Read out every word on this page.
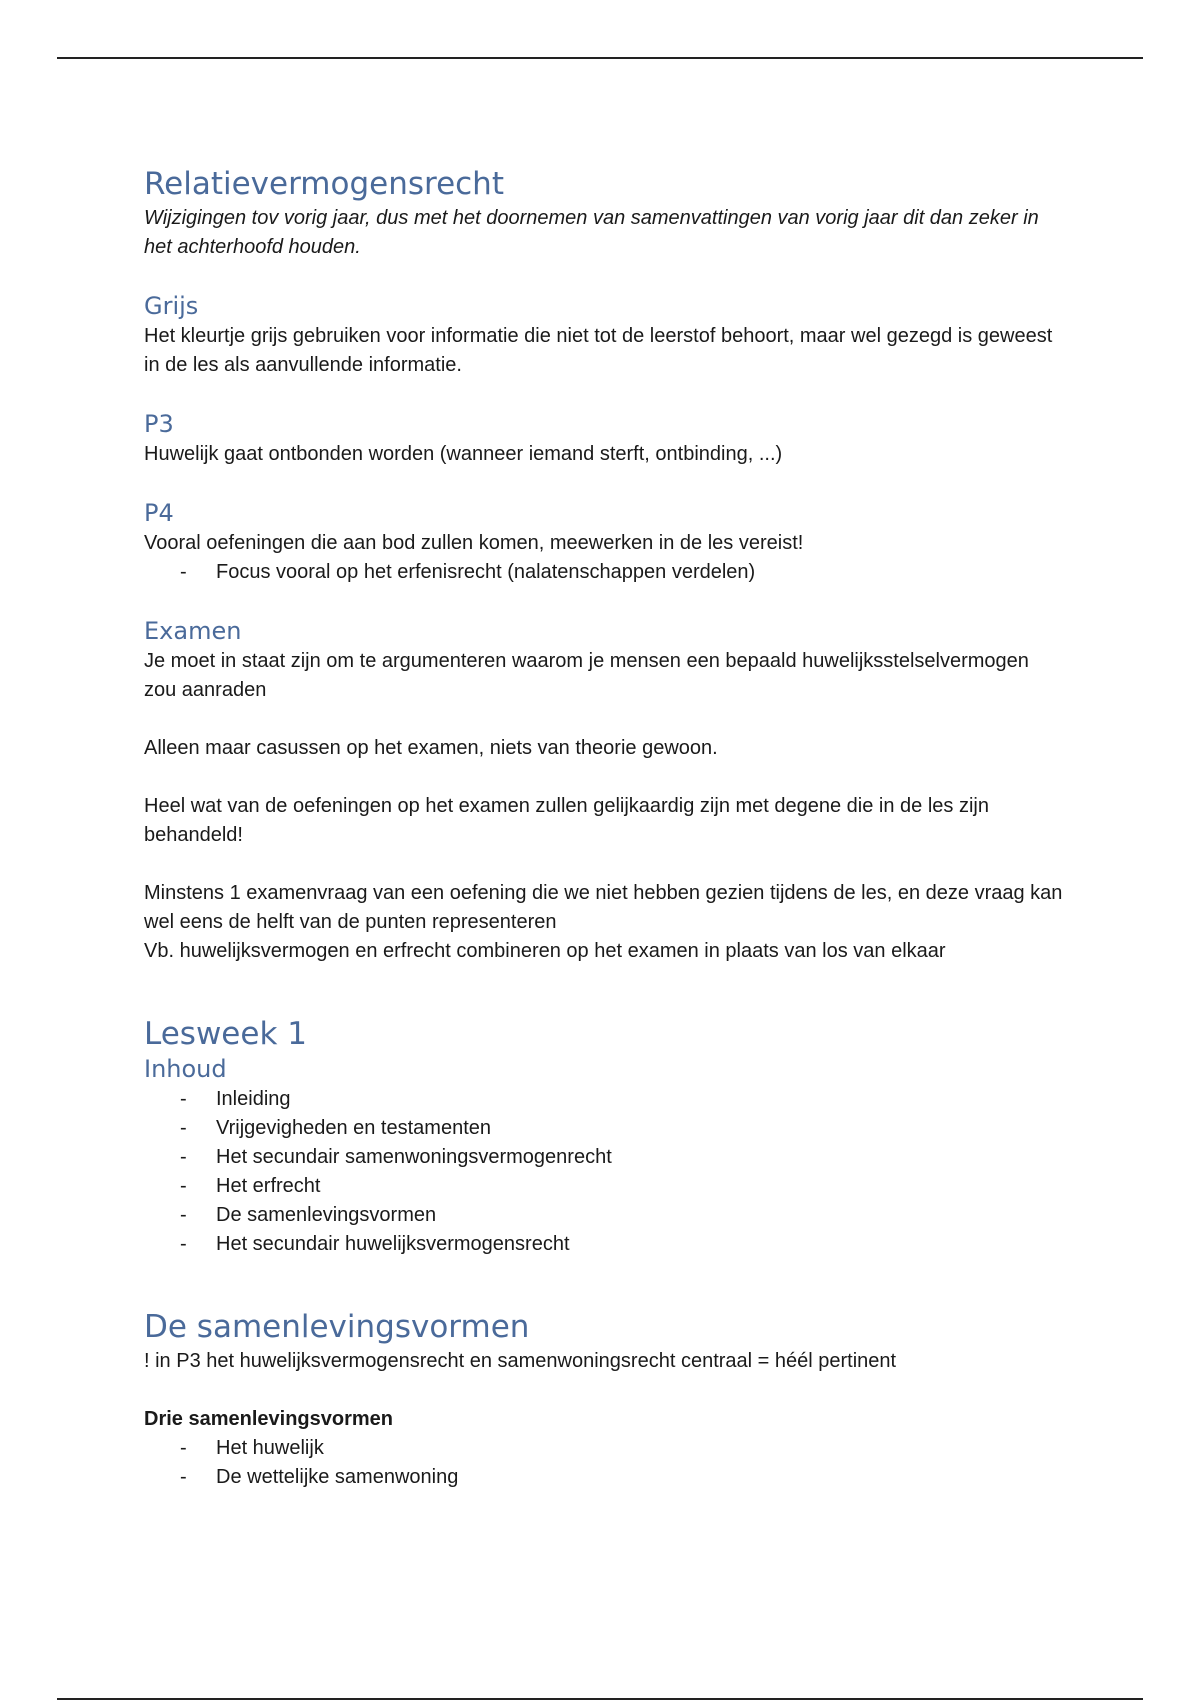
Relatievermogensrecht

Wijzigingen tov vorig jaar, dus met het doornemen van samenvattingen van vorig jaar dit dan zeker in het achterhoofd houden.

Grijs

Het kleurtje grijs gebruiken voor informatie die niet tot de leerstof behoort, maar wel gezegd is geweest in de les als aanvullende informatie.

P3

Huwelijk gaat ontbonden worden (wanneer iemand sterft, ontbinding, ...)

P4

Vooral oefeningen die aan bod zullen komen, meewerken in de les vereist!

- Focus vooral op het erfenisrecht (nalatenschappen verdelen)
Examen

Je moet in staat zijn om te argumenteren waarom je mensen een bepaald huwelijksstelselvermogen zou aanraden

Alleen maar casussen op het examen, niets van theorie gewoon.

Heel wat van de oefeningen op het examen zullen gelijkaardig zijn met degene die in de les zijn behandeld!

Minstens 1 examenvraag van een oefening die we niet hebben gezien tijdens de les, en deze vraag kan wel eens de helft van de punten representeren

Vb. huwelijksvermogen en erfrecht combineren op het examen in plaats van los van elkaar

Lesweek 1
Inhoud
- Inleiding
- Vrijgevigheden en testamenten
- Het secundair samenwoningsvermogenrecht
- Het erfrecht
- De samenlevingsvormen
- Het secundair huwelijksvermogensrecht
De samenlevingsvormen

! in P3 het huwelijksvermogensrecht en samenwoningsrecht centraal = héél pertinent

Drie samenlevingsvormen

- Het huwelijk
- De wettelijke samenwoning
